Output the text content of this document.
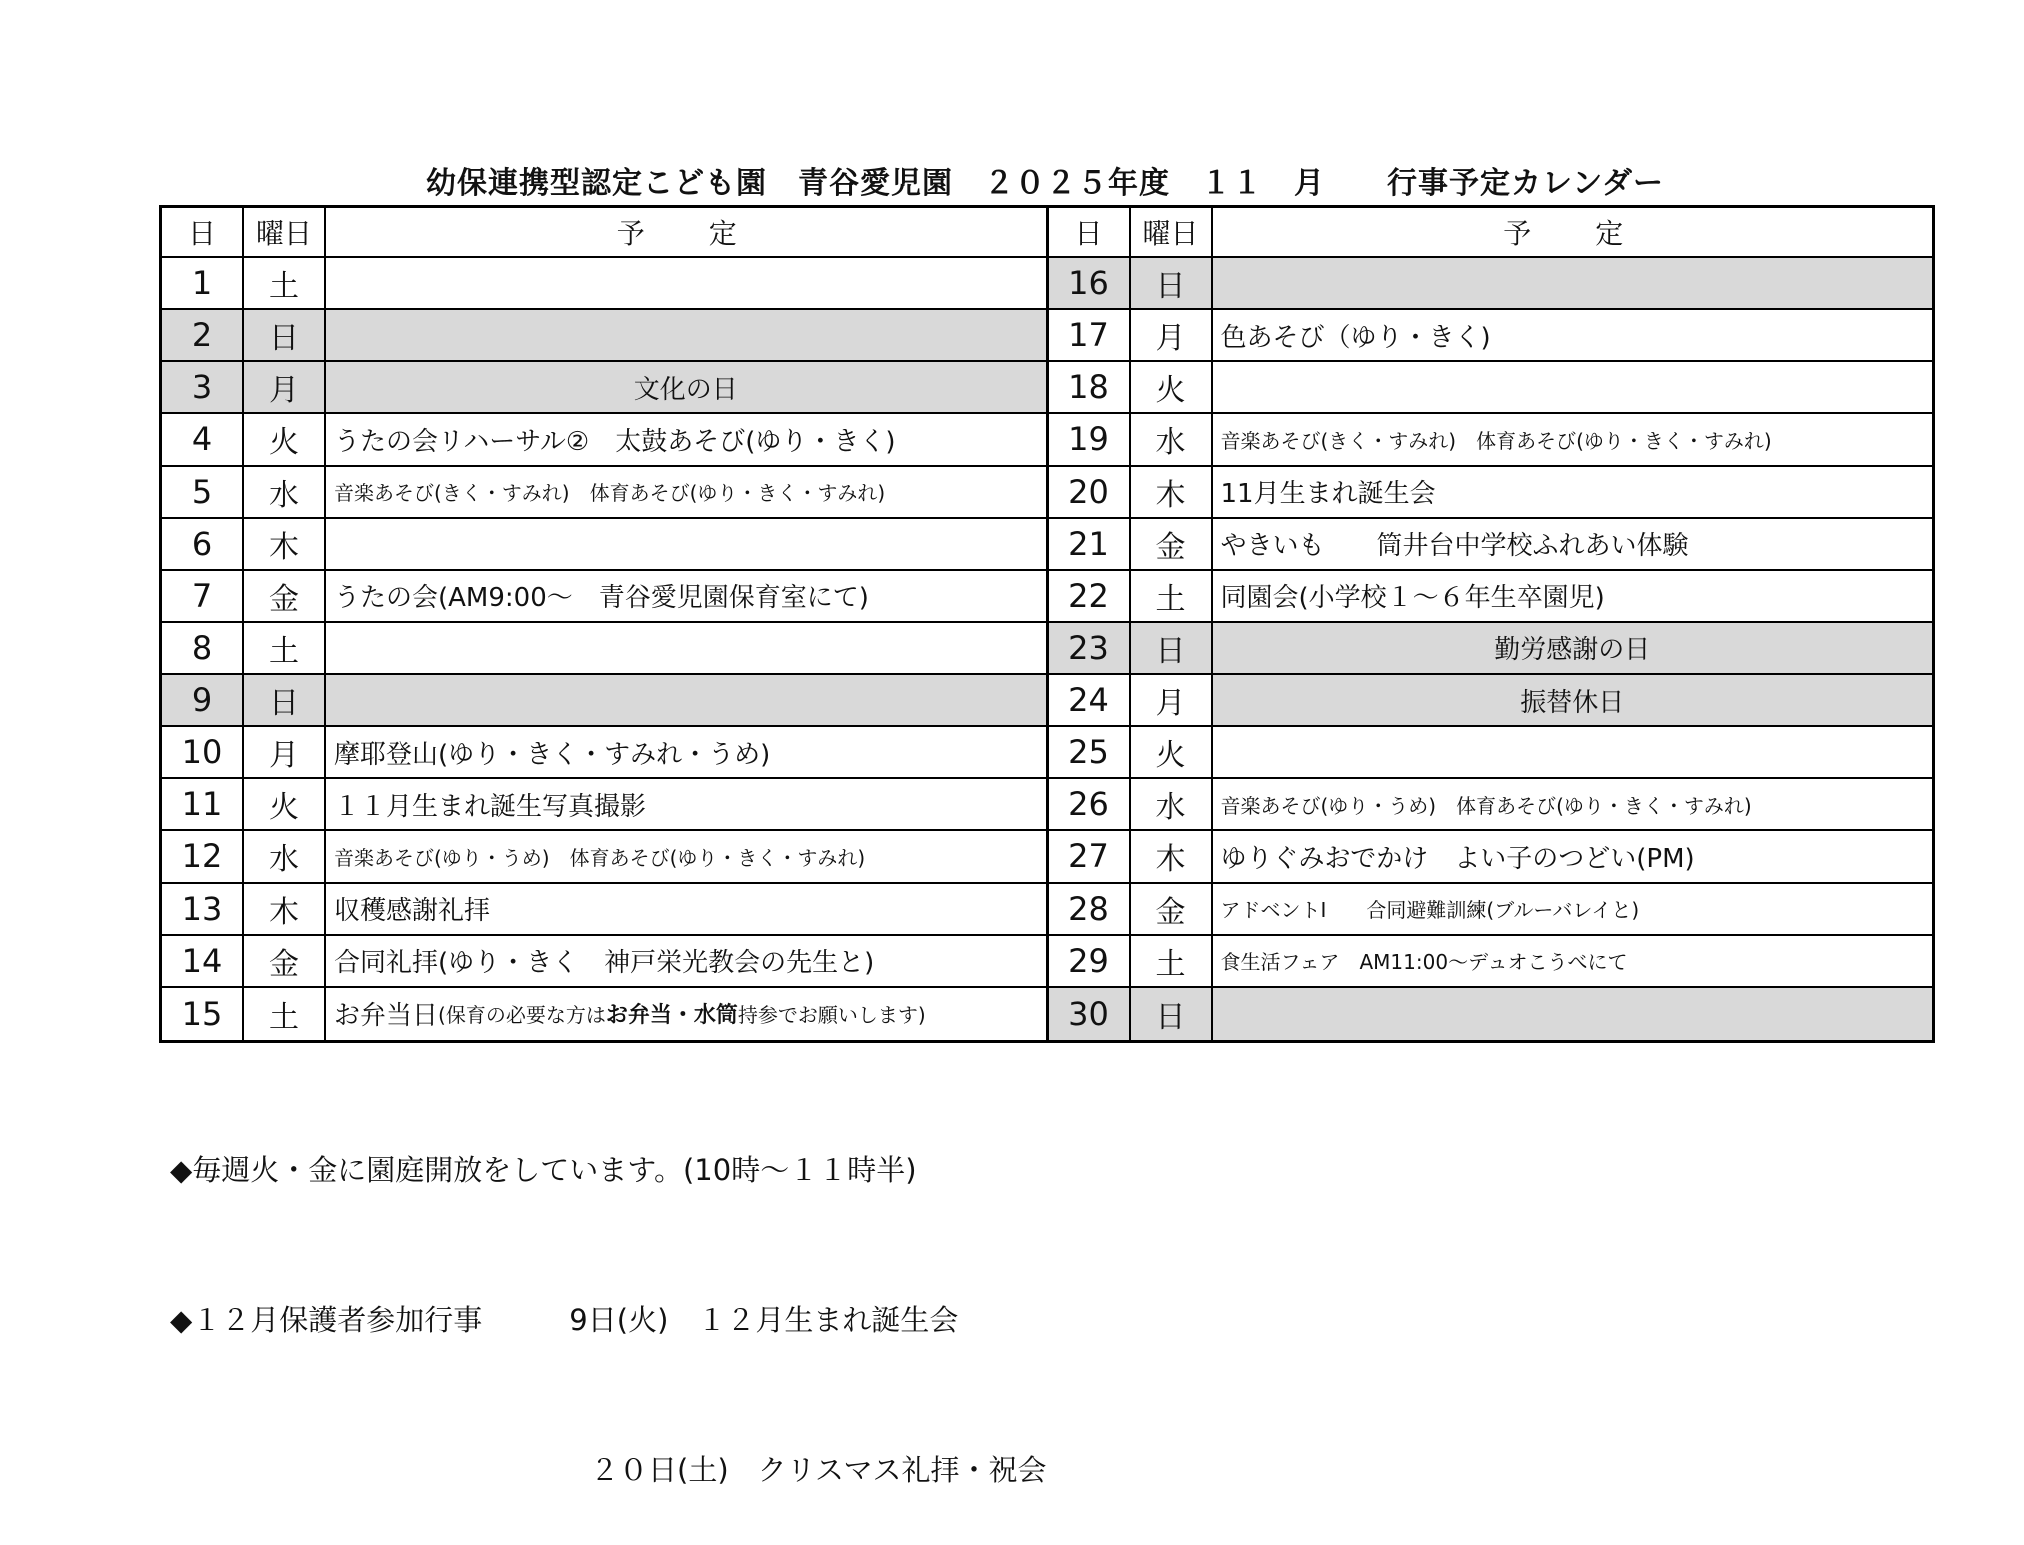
幼保連携型認定こども園　青谷愛児園　２０２５年度　１１　月　　行事予定カレンダー
日	曜日	予　定
1	土
2	日
3	月	文化の日
4	火	うたの会リハーサル②　太鼓あそび(ゆり・きく)
5	水	音楽あそび(きく・すみれ)　体育あそび(ゆり・きく・すみれ)
6	木
7	金	うたの会(AM9:00～　青谷愛児園保育室にて)
8	土
9	日
10	月	摩耶登山(ゆり・きく・すみれ・うめ)
11	火	１１月生まれ誕生写真撮影
12	水	音楽あそび(ゆり・うめ)　体育あそび(ゆり・きく・すみれ)
13	木	収穫感謝礼拝
14	金	合同礼拝(ゆり・きく　神戸栄光教会の先生と)
15	土	お弁当日 (保育の必要な方は お弁当・水筒 持参でお願いします)
日	曜日	予　定
16	日
17	月	色あそび（ゆり・きく)
18	火
19	水	音楽あそび(きく・すみれ)　体育あそび(ゆり・きく・すみれ)
20	木	11月生まれ誕生会
21	金	やきいも　　筒井台中学校ふれあい体験
22	土	同園会(小学校１～６年生卒園児)
23	日	勤労感謝の日
24	月	振替休日
25	火
26	水	音楽あそび(ゆり・うめ)　体育あそび(ゆり・きく・すみれ)
27	木	ゆりぐみおでかけ　よい子のつどい(PM)
28	金	アドベントⅠ　　合同避難訓練(ブルーバレイと)
29	土	食生活フェア　AM11:00～デュオこうべにて
30	日

◆毎週火・金に園庭開放をしています。(10時～１１時半)

◆１２月保護者参加行事　　　9日(火)　１２月生まれ誕生会

２０日(土)　クリスマス礼拝・祝会
